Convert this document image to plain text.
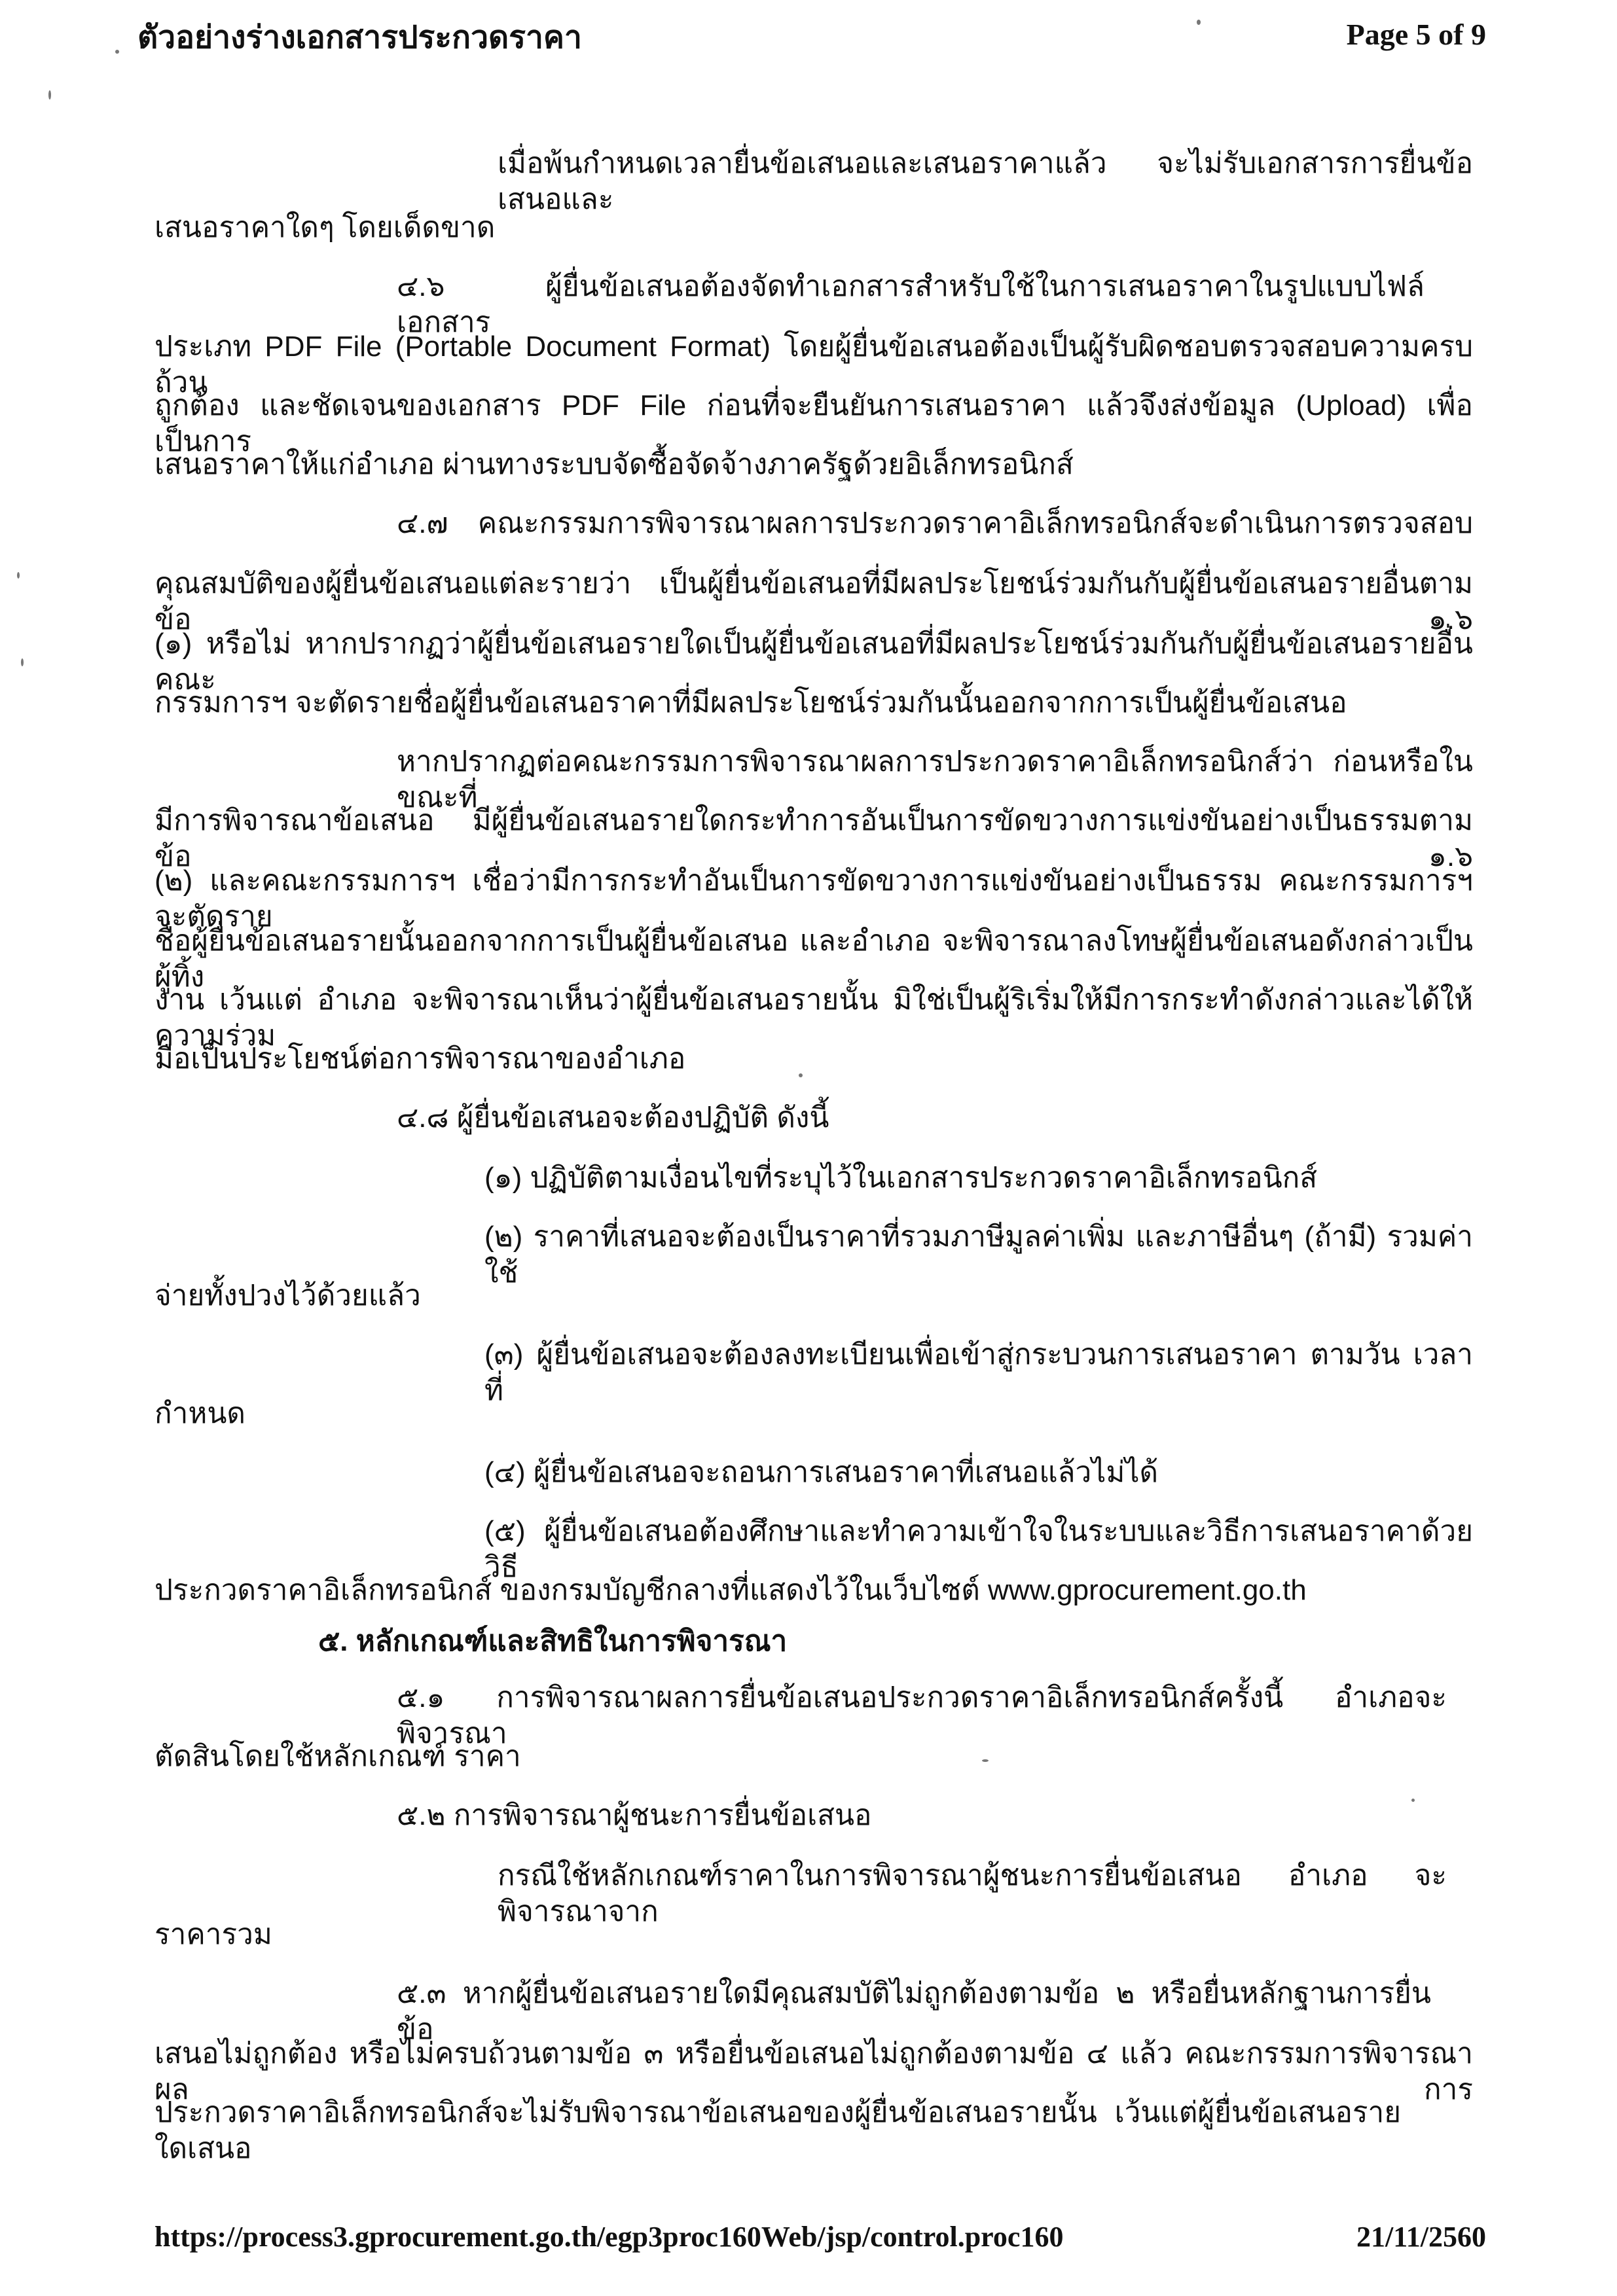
ตัวอย่างร่างเอกสารประกวดราคา	Page 5 of 9
เมื่อพ้นกำหนดเวลายื่นข้อเสนอและเสนอราคาแล้ว จะไม่รับเอกสารการยื่นข้อเสนอและ
เสนอราคาใดๆ โดยเด็ดขาด
๔.๖ ผู้ยื่นข้อเสนอต้องจัดทำเอกสารสำหรับใช้ในการเสนอราคาในรูปแบบไฟล์เอกสาร
ประเภท PDF File (Portable Document Format) โดยผู้ยื่นข้อเสนอต้องเป็นผู้รับผิดชอบตรวจสอบความครบถ้วน
ถูกต้อง และชัดเจนของเอกสาร PDF File ก่อนที่จะยืนยันการเสนอราคา แล้วจึงส่งข้อมูล (Upload) เพื่อเป็นการ
เสนอราคาให้แก่อำเภอ ผ่านทางระบบจัดซื้อจัดจ้างภาครัฐด้วยอิเล็กทรอนิกส์
๔.๗ คณะกรรมการพิจารณาผลการประกวดราคาอิเล็กทรอนิกส์จะดำเนินการตรวจสอบ
คุณสมบัติของผู้ยื่นข้อเสนอแต่ละรายว่า เป็นผู้ยื่นข้อเสนอที่มีผลประโยชน์ร่วมกันกับผู้ยื่นข้อเสนอรายอื่นตามข้อ ๑.๖
(๑) หรือไม่ หากปรากฏว่าผู้ยื่นข้อเสนอรายใดเป็นผู้ยื่นข้อเสนอที่มีผลประโยชน์ร่วมกันกับผู้ยื่นข้อเสนอรายอื่น คณะ
กรรมการฯ จะตัดรายชื่อผู้ยื่นข้อเสนอราคาที่มีผลประโยชน์ร่วมกันนั้นออกจากการเป็นผู้ยื่นข้อเสนอ
หากปรากฏต่อคณะกรรมการพิจารณาผลการประกวดราคาอิเล็กทรอนิกส์ว่า ก่อนหรือในขณะที่
มีการพิจารณาข้อเสนอ มีผู้ยื่นข้อเสนอรายใดกระทำการอันเป็นการขัดขวางการแข่งขันอย่างเป็นธรรมตามข้อ ๑.๖
(๒) และคณะกรรมการฯ เชื่อว่ามีการกระทำอันเป็นการขัดขวางการแข่งขันอย่างเป็นธรรม คณะกรรมการฯ จะตัดราย
ชื่อผู้ยื่นข้อเสนอรายนั้นออกจากการเป็นผู้ยื่นข้อเสนอ และอำเภอ จะพิจารณาลงโทษผู้ยื่นข้อเสนอดังกล่าวเป็นผู้ทิ้ง
งาน เว้นแต่ อำเภอ จะพิจารณาเห็นว่าผู้ยื่นข้อเสนอรายนั้น มิใช่เป็นผู้ริเริ่มให้มีการกระทำดังกล่าวและได้ให้ความร่วม
มือเป็นประโยชน์ต่อการพิจารณาของอำเภอ
๔.๘ ผู้ยื่นข้อเสนอจะต้องปฏิบัติ ดังนี้
(๑) ปฏิบัติตามเงื่อนไขที่ระบุไว้ในเอกสารประกวดราคาอิเล็กทรอนิกส์
(๒) ราคาที่เสนอจะต้องเป็นราคาที่รวมภาษีมูลค่าเพิ่ม และภาษีอื่นๆ (ถ้ามี) รวมค่าใช้
จ่ายทั้งปวงไว้ด้วยแล้ว
(๓) ผู้ยื่นข้อเสนอจะต้องลงทะเบียนเพื่อเข้าสู่กระบวนการเสนอราคา ตามวัน เวลา ที่
กำหนด
(๔) ผู้ยื่นข้อเสนอจะถอนการเสนอราคาที่เสนอแล้วไม่ได้
(๕) ผู้ยื่นข้อเสนอต้องศึกษาและทำความเข้าใจในระบบและวิธีการเสนอราคาด้วยวิธี
ประกวดราคาอิเล็กทรอนิกส์ ของกรมบัญชีกลางที่แสดงไว้ในเว็บไซต์ www.gprocurement.go.th
๕. หลักเกณฑ์และสิทธิในการพิจารณา
๕.๑ การพิจารณาผลการยื่นข้อเสนอประกวดราคาอิเล็กทรอนิกส์ครั้งนี้ อำเภอจะพิจารณา
ตัดสินโดยใช้หลักเกณฑ์ ราคา
๕.๒ การพิจารณาผู้ชนะการยื่นข้อเสนอ
กรณีใช้หลักเกณฑ์ราคาในการพิจารณาผู้ชนะการยื่นข้อเสนอ อำเภอ จะพิจารณาจาก
ราคารวม
๕.๓ หากผู้ยื่นข้อเสนอรายใดมีคุณสมบัติไม่ถูกต้องตามข้อ ๒ หรือยื่นหลักฐานการยื่นข้อ
เสนอไม่ถูกต้อง หรือไม่ครบถ้วนตามข้อ ๓ หรือยื่นข้อเสนอไม่ถูกต้องตามข้อ ๔ แล้ว คณะกรรมการพิจารณาผล การ
ประกวดราคาอิเล็กทรอนิกส์จะไม่รับพิจารณาข้อเสนอของผู้ยื่นข้อเสนอรายนั้น เว้นแต่ผู้ยื่นข้อเสนอรายใดเสนอ
https://process3.gprocurement.go.th/egp3proc160Web/jsp/control.proc160	21/11/2560
